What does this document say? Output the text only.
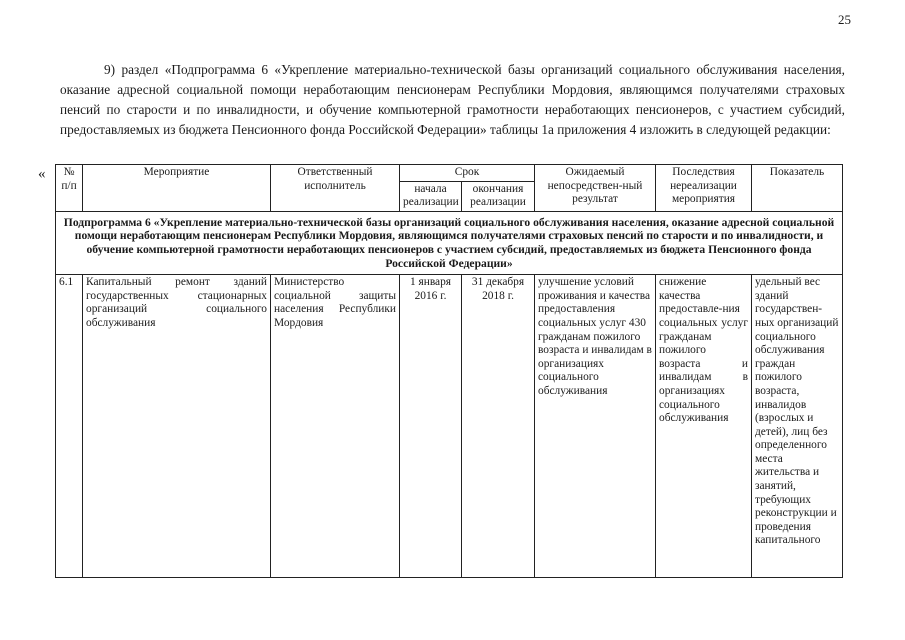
25

9) раздел «Подпрограмма 6 «Укрепление материально-технической базы организаций социального обслуживания населения, оказание адресной социальной помощи неработающим пенсионерам Республики Мордовия, являющимся получателями страховых пенсий по старости и по инвалидности, и обучение компьютерной грамотности неработающих пенсионеров, с участием субсидий, предоставляемых из бюджета Пенсионного фонда Российской Федерации» таблицы 1а приложения 4 изложить в следующей редакции:

« № п/п	Мероприятие	Ответственный исполнитель	Срок		Ожидаемый непосредствен-ный результат	Последствия нереализации мероприятия	Показатель
			начала реализации	окончания реализации			
Подпрограмма 6 «Укрепление материально-технической базы организаций социального обслуживания населения, оказание адресной социальной помощи неработающим пенсионерам Республики Мордовия, являющимся получателями страховых пенсий по старости и по инвалидности, и обучение компьютерной грамотности неработающих пенсионеров с участием субсидий, предоставляемых из бюджета Пенсионного фонда Российской Федерации»							
6.1	Капитальный ремонт зданий государственных стационарных организаций социального обслуживания	Министерство социальной защиты населения Республики Мордовия	1 января 2016 г.	31 декабря 2018 г.	улучшение условий проживания и качества предоставления социальных услуг 430 гражданам пожилого возраста и инвалидам в организациях социального обслуживания	снижение качества предоставле-ния социальных услуг гражданам пожилого возраста и инвалидам в организациях социального обслуживания	удельный вес зданий государствен-ных организаций социального обслуживания граждан пожилого возраста, инвалидов (взрослых и детей), лиц без определенного места жительства и занятий, требующих реконструкции и проведения капитального
